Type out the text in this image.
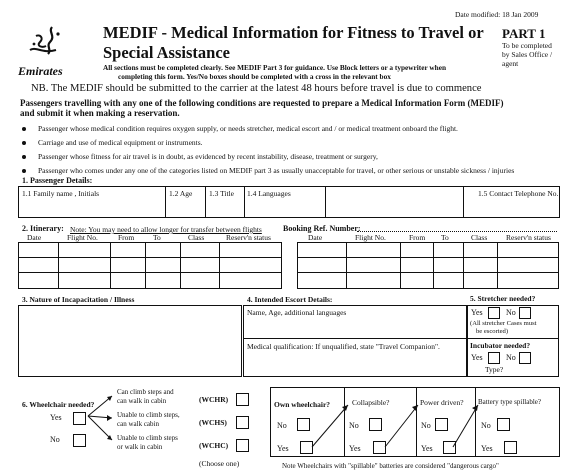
Date modified: 18 Jan 2009
Emirates
MEDIF - Medical Information for Fitness to Travel or
Special Assistance
PART 1
To be completed
by Sales Office /
agent
All sections must be completed clearly. See MEDIF Part 3 for guidance. Use Block letters or a typewriter when
completing this form. Yes/No boxes should be completed with a cross in the relevant box
NB. The MEDIF should be submitted to the carrier at the latest 48 hours before travel is due to commence
Passengers travelling with any one of the following conditions are requested to prepare a Medical Information Form (MEDIF)
and submit it when making a reservation.
Passenger whose medical condition requires oxygen supply, or needs stretcher, medical escort and / or medical treatment onboard the flight.
Carriage and use of medical equipment or instruments.
Passenger whose fitness for air travel is in doubt, as evidenced by recent instability, disease, treatment or surgery,
Passenger who comes under any one of the categories listed on MEDIF part 3 as usually unacceptable for travel, or other serious or unstable sickness / injuries
1. Passenger Details:
1.1 Family name , Initials	1.2 Age 1.3 Title 1.4 Languages	1.5 Contact Telephone No.
2. Itinerary: Note: You may need to allow longer for transfer between flights	Booking Ref. Number:
Date	Flight No.	From To	Class	Reserv'n status	Date	Flight No.	From To	Class Reserv'n status
3. Nature of Incapacitation / Illness	4. Intended Escort Details:	5. Stretcher needed?
Name, Age, additional languages
Medical qualification: If unqualified, state "Travel Companion".
Yes	No
(All stretcher Cases must
be escorted)
Incubator needed?
Yes	No
Type?
6. Wheelchair needed?
Yes
No
Can climb steps and
can walk in cabin
Unable to climb steps,
can walk cabin
Unable to climb steps
or walk in cabin
(WCHR)
(WCHS)
(WCHC)
(Choose one)
Own wheelchair?	Collapsible?	Power driven? Battery type spillable?
No	No	No	No
Yes	Yes	Yes	Yes
Note Wheelchairs with "spillable" batteries are considered "dangerous cargo"
